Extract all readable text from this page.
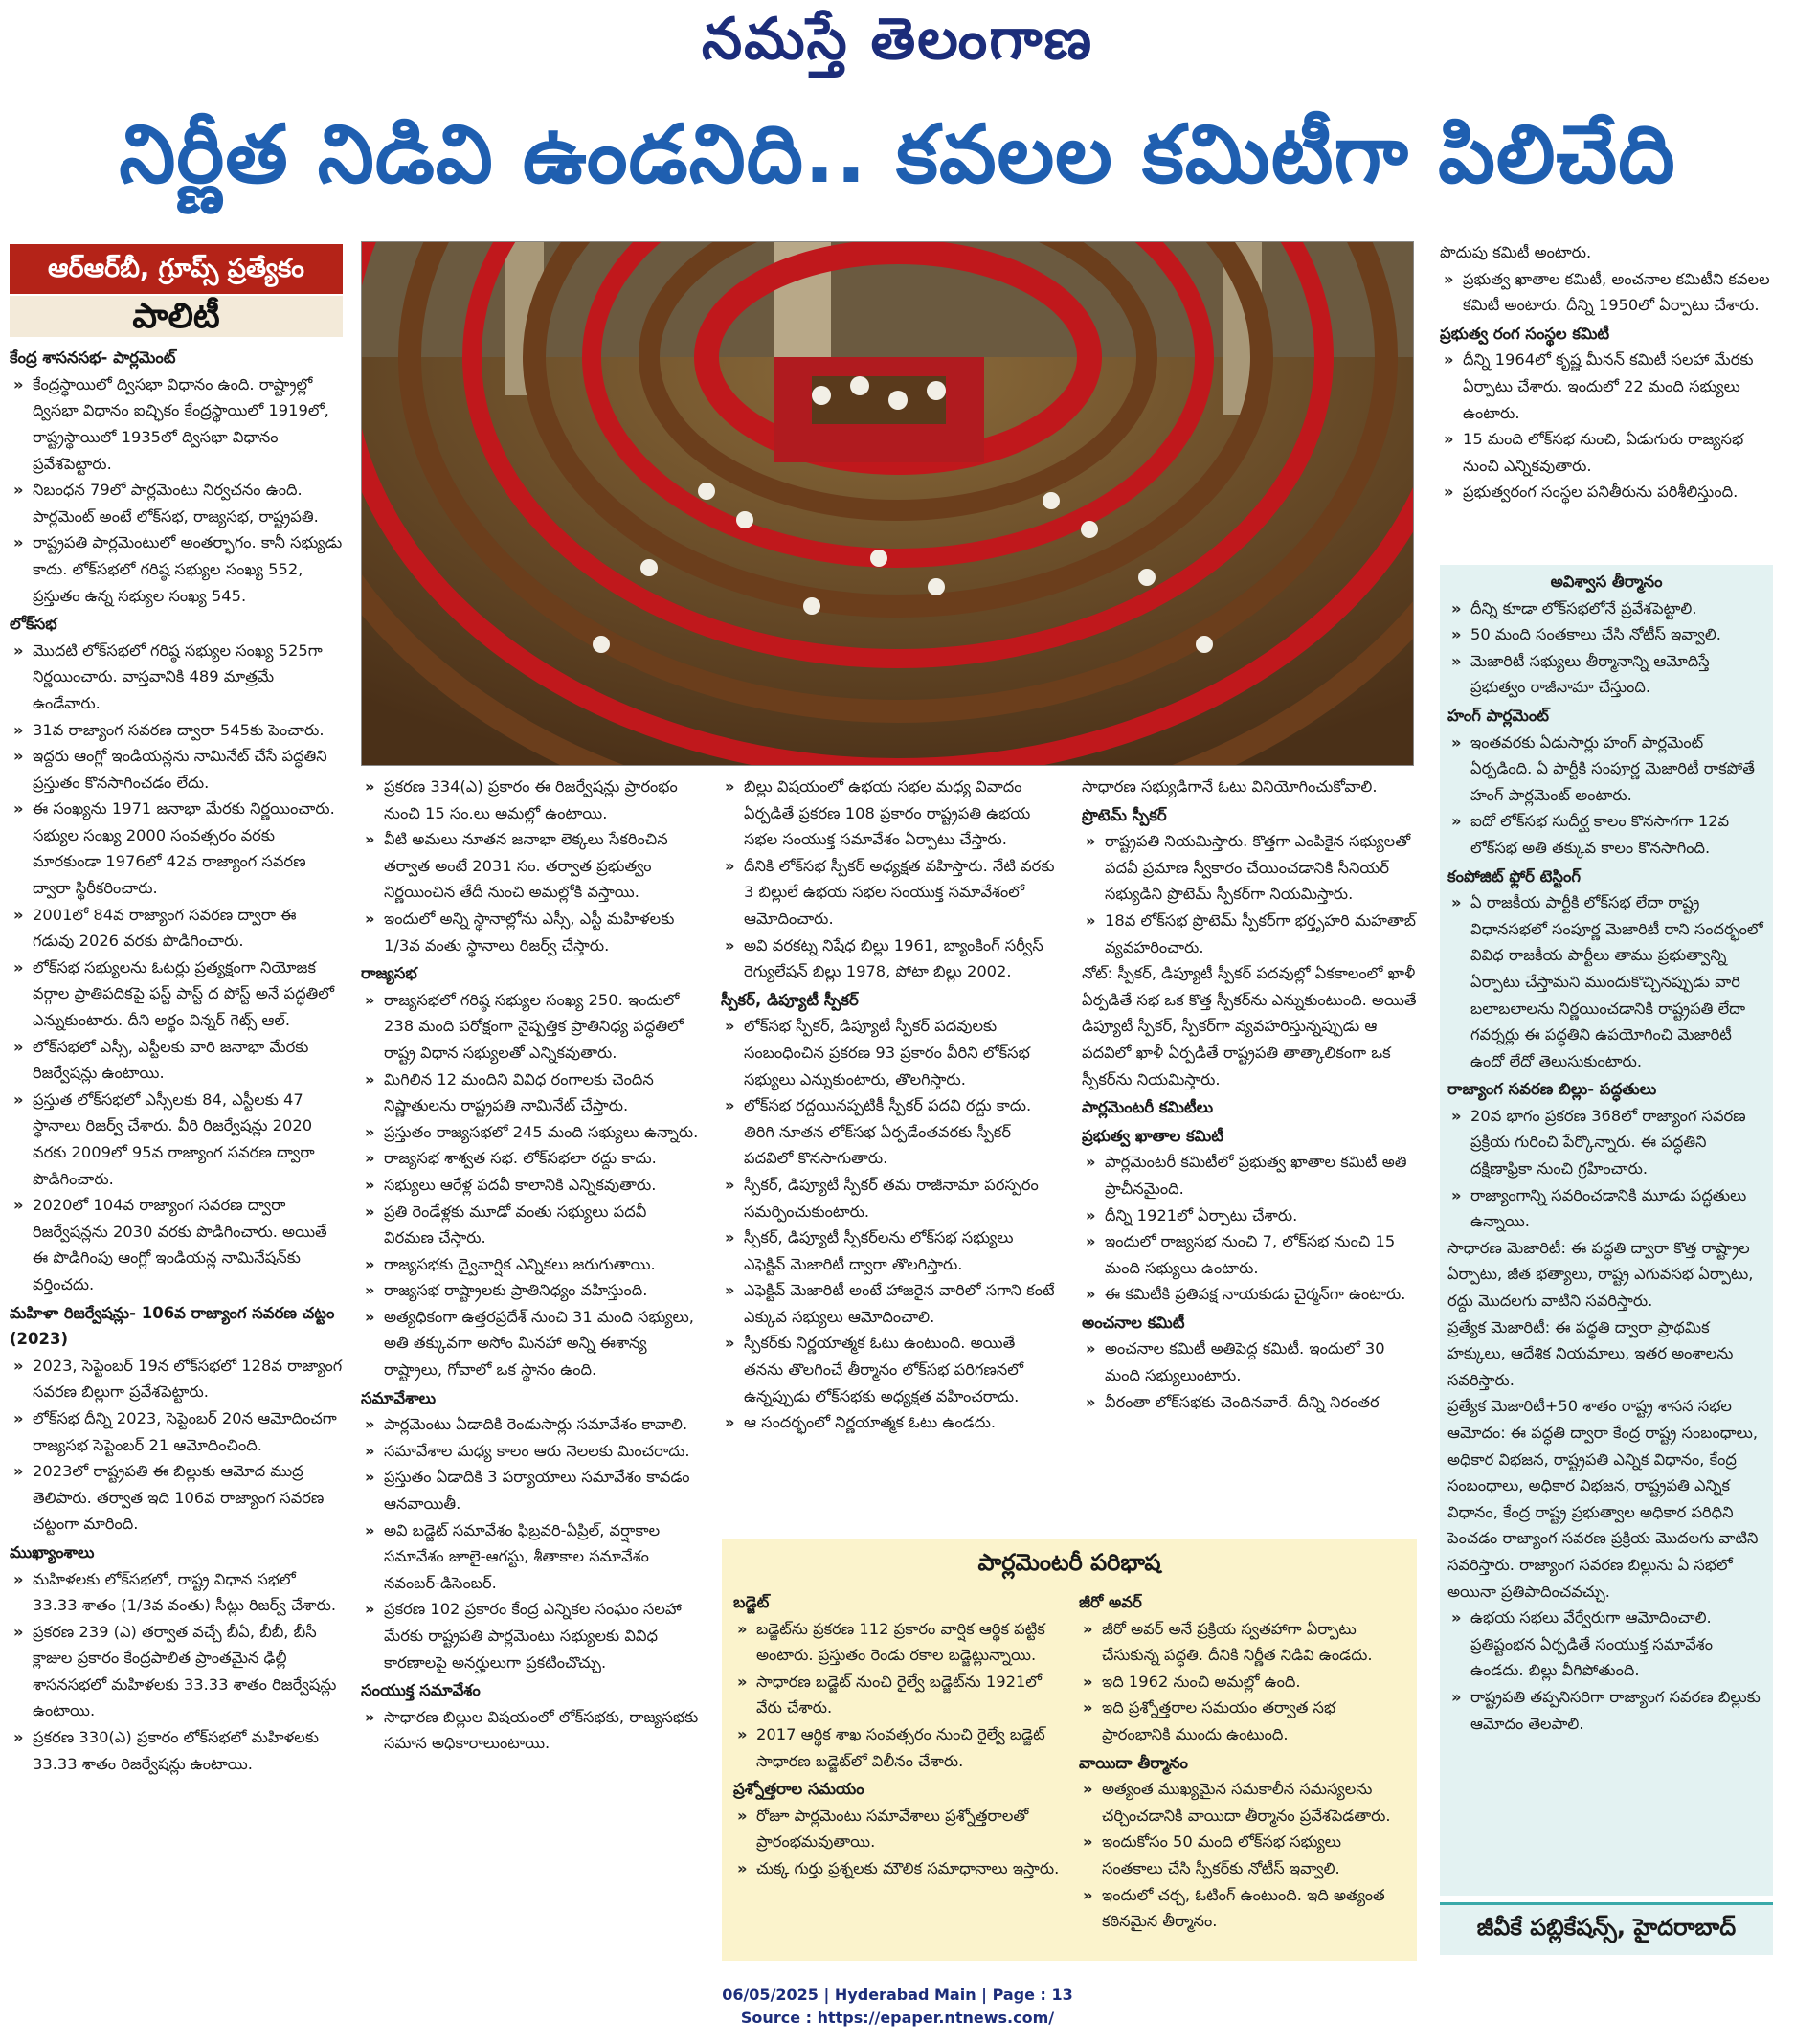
నమస్తే తెలంగాణ
నిర్ణీత నిడివి ఉండనిది.. కవలల కమిటీగా పిలిచేది
ఆర్‌ఆర్‌బీ, గ్రూప్స్ ప్రత్యేకం
పాలిటీ
కేంద్ర శాసనసభ- పార్లమెంట్
» కేంద్రస్థాయిలో ద్విసభా విధానం ఉంది. రాష్ట్రాల్లో ద్విసభా విధానం ఐచ్ఛికం కేంద్రస్థాయిలో 1919లో, రాష్ట్రస్థాయిలో 1935లో ద్విసభా విధానం ప్రవేశపెట్టారు.
» నిబంధన 79లో పార్లమెంటు నిర్వచనం ఉంది. పార్లమెంట్ అంటే లోక్‌సభ, రాజ్యసభ, రాష్ట్రపతి.
» రాష్ట్రపతి పార్లమెంటులో అంతర్భాగం. కానీ సభ్యుడు కాదు. లోక్‌సభలో గరిష్ఠ సభ్యుల సంఖ్య 552, ప్రస్తుతం ఉన్న సభ్యుల సంఖ్య 545.
లోక్‌సభ
» మొదటి లోక్‌సభలో గరిష్ఠ సభ్యుల సంఖ్య 525గా నిర్ణయించారు. వాస్తవానికి 489 మాత్రమే ఉండేవారు.
» 31వ రాజ్యాంగ సవరణ ద్వారా 545కు పెంచారు.
» ఇద్దరు ఆంగ్లో ఇండియన్లను నామినేట్ చేసే పద్ధతిని ప్రస్తుతం కొనసాగించడం లేదు.
» ఈ సంఖ్యను 1971 జనాభా మేరకు నిర్ణయించారు. సభ్యుల సంఖ్య 2000 సంవత్సరం వరకు మారకుండా 1976లో 42వ రాజ్యాంగ సవరణ ద్వారా స్థిరీకరించారు.
» 2001లో 84వ రాజ్యాంగ సవరణ ద్వారా ఈ గడువు 2026 వరకు పొడిగించారు.
» లోక్‌సభ సభ్యులను ఓటర్లు ప్రత్యక్షంగా నియోజక వర్గాల ప్రాతిపదికపై ఫస్ట్ పాస్ట్ ద పోస్ట్ అనే పద్ధతిలో ఎన్నుకుంటారు. దీని అర్థం విన్నర్ గెట్స్ ఆల్.
» లోక్‌సభలో ఎస్సీ, ఎస్టీలకు వారి జనాభా మేరకు రిజర్వేషన్లు ఉంటాయి.
» ప్రస్తుత లోక్‌సభలో ఎస్సీలకు 84, ఎస్టీలకు 47 స్థానాలు రిజర్వ్ చేశారు. వీరి రిజర్వేషన్లు 2020 వరకు 2009లో 95వ రాజ్యాంగ సవరణ ద్వారా పొడిగించారు.
» 2020లో 104వ రాజ్యాంగ సవరణ ద్వారా రిజర్వేషన్లను 2030 వరకు పొడిగించారు. అయితే ఈ పొడిగింపు ఆంగ్లో ఇండియన్ల నామినేషన్‌కు వర్తించదు.
మహిళా రిజర్వేషన్లు- 106వ రాజ్యాంగ సవరణ చట్టం (2023)
» 2023, సెప్టెంబర్ 19న లోక్‌సభలో 128వ రాజ్యాంగ సవరణ బిల్లుగా ప్రవేశపెట్టారు.
» లోక్‌సభ దీన్ని 2023, సెప్టెంబర్ 20న ఆమోదించగా రాజ్యసభ సెప్టెంబర్ 21 ఆమోదించింది.
» 2023లో రాష్ట్రపతి ఈ బిల్లుకు ఆమోద ముద్ర తెలిపారు. తర్వాత ఇది 106వ రాజ్యాంగ సవరణ చట్టంగా మారింది.
ముఖ్యాంశాలు
» మహిళలకు లోక్‌సభలో, రాష్ట్ర విధాన సభలో 33.33 శాతం (1/3వ వంతు) సీట్లు రిజర్వ్ చేశారు.
» ప్రకరణ 239 (ఎ) తర్వాత వచ్చే బీఏ, బీబీ, బీసీ క్లాజుల ప్రకారం కేంద్రపాలిత ప్రాంతమైన ఢిల్లీ శాసనసభలో మహిళలకు 33.33 శాతం రిజర్వేషన్లు ఉంటాయి.
» ప్రకరణ 330(ఎ) ప్రకారం లోక్‌సభలో మహిళలకు 33.33 శాతం రిజర్వేషన్లు ఉంటాయి.
» ప్రకరణ 334(ఎ) ప్రకారం ఈ రిజర్వేషన్లు ప్రారంభం నుంచి 15 సం.లు అమల్లో ఉంటాయి.
» వీటి అమలు నూతన జనాభా లెక్కలు సేకరించిన తర్వాత అంటే 2031 సం. తర్వాత ప్రభుత్వం నిర్ణయించిన తేదీ నుంచి అమల్లోకి వస్తాయి.
» ఇందులో అన్ని స్థానాల్లోను ఎస్సీ, ఎస్టీ మహిళలకు 1/3వ వంతు స్థానాలు రిజర్వ్ చేస్తారు.
రాజ్యసభ
» రాజ్యసభలో గరిష్ఠ సభ్యుల సంఖ్య 250. ఇందులో 238 మంది పరోక్షంగా నైష్పత్తిక ప్రాతినిధ్య పద్ధతిలో రాష్ట్ర విధాన సభ్యులతో ఎన్నికవుతారు.
» మిగిలిన 12 మందిని వివిధ రంగాలకు చెందిన నిష్ణాతులను రాష్ట్రపతి నామినేట్ చేస్తారు.
» ప్రస్తుతం రాజ్యసభలో 245 మంది సభ్యులు ఉన్నారు.
» రాజ్యసభ శాశ్వత సభ. లోక్‌సభలా రద్దు కాదు.
» సభ్యులు ఆరేళ్ల పదవీ కాలానికి ఎన్నికవుతారు.
» ప్రతి రెండేళ్లకు మూడో వంతు సభ్యులు పదవీ విరమణ చేస్తారు.
» రాజ్యసభకు ద్వైవార్షిక ఎన్నికలు జరుగుతాయి.
» రాజ్యసభ రాష్ట్రాలకు ప్రాతినిధ్యం వహిస్తుంది.
» అత్యధికంగా ఉత్తరప్రదేశ్ నుంచి 31 మంది సభ్యులు, అతి తక్కువగా అసోం మినహా అన్ని ఈశాన్య రాష్ట్రాలు, గోవాలో ఒక స్థానం ఉంది.
సమావేశాలు
» పార్లమెంటు ఏడాదికి రెండుసార్లు సమావేశం కావాలి.
» సమావేశాల మధ్య కాలం ఆరు నెలలకు మించరాదు.
» ప్రస్తుతం ఏడాదికి 3 పర్యాయాలు సమావేశం కావడం ఆనవాయితీ.
» అవి బడ్జెట్ సమావేశం ఫిబ్రవరి-ఏప్రిల్, వర్షాకాల సమావేశం జూలై-ఆగస్టు, శీతాకాల సమావేశం నవంబర్-డిసెంబర్.
» ప్రకరణ 102 ప్రకారం కేంద్ర ఎన్నికల సంఘం సలహా మేరకు రాష్ట్రపతి పార్లమెంటు సభ్యులకు వివిధ కారణాలపై అనర్హులుగా ప్రకటించొచ్చు.
సంయుక్త సమావేశం
» సాధారణ బిల్లుల విషయంలో లోక్‌సభకు, రాజ్యసభకు సమాన అధికారాలుంటాయి.
» బిల్లు విషయంలో ఉభయ సభల మధ్య వివాదం ఏర్పడితే ప్రకరణ 108 ప్రకారం రాష్ట్రపతి ఉభయ సభల సంయుక్త సమావేశం ఏర్పాటు చేస్తారు.
» దీనికి లోక్‌సభ స్పీకర్ అధ్యక్షత వహిస్తారు. నేటి వరకు 3 బిల్లులే ఉభయ సభల సంయుక్త సమావేశంలో ఆమోదించారు.
» అవి వరకట్న నిషేధ బిల్లు 1961, బ్యాంకింగ్ సర్వీస్ రెగ్యులేషన్ బిల్లు 1978, పోటా బిల్లు 2002.
స్పీకర్, డిప్యూటీ స్పీకర్
» లోక్‌సభ స్పీకర్, డిప్యూటీ స్పీకర్ పదవులకు సంబంధించిన ప్రకరణ 93 ప్రకారం వీరిని లోక్‌సభ సభ్యులు ఎన్నుకుంటారు, తొలగిస్తారు.
» లోక్‌సభ రద్దయినప్పటికీ స్పీకర్ పదవి రద్దు కాదు. తిరిగి నూతన లోక్‌సభ ఏర్పడేంతవరకు స్పీకర్ పదవిలో కొనసాగుతారు.
» స్పీకర్, డిప్యూటీ స్పీకర్ తమ రాజీనామా పరస్పరం సమర్పించుకుంటారు.
» స్పీకర్, డిప్యూటీ స్పీకర్‌లను లోక్‌సభ సభ్యులు ఎఫెక్టివ్ మెజారిటీ ద్వారా తొలగిస్తారు.
» ఎఫెక్టివ్ మెజారిటీ అంటే హాజరైన వారిలో సగాని కంటే ఎక్కువ సభ్యులు ఆమోదించాలి.
» స్పీకర్‌కు నిర్ణయాత్మక ఓటు ఉంటుంది. అయితే తనను తొలగించే తీర్మానం లోక్‌సభ పరిగణనలో ఉన్నప్పుడు లోక్‌సభకు అధ్యక్షత వహించరాదు.
» ఆ సందర్భంలో నిర్ణయాత్మక ఓటు ఉండదు.
సాధారణ సభ్యుడిగానే ఓటు వినియోగించుకోవాలి.
ప్రొటెమ్ స్పీకర్
» రాష్ట్రపతి నియమిస్తారు. కొత్తగా ఎంపికైన సభ్యులతో పదవీ ప్రమాణ స్వీకారం చేయించడానికి సీనియర్ సభ్యుడిని ప్రొటెమ్ స్పీకర్‌గా నియమిస్తారు.
» 18వ లోక్‌సభ ప్రొటెమ్ స్పీకర్‌గా భర్తృహరి మహతాబ్ వ్యవహరించారు.
నోట్: స్పీకర్, డిప్యూటీ స్పీకర్ పదవుల్లో ఏకకాలంలో ఖాళీ ఏర్పడితే సభ ఒక కొత్త స్పీకర్‌ను ఎన్నుకుంటుంది. అయితే డిప్యూటీ స్పీకర్, స్పీకర్‌గా వ్యవహరిస్తున్నప్పుడు ఆ పదవిలో ఖాళీ ఏర్పడితే రాష్ట్రపతి తాత్కాలికంగా ఒక స్పీకర్‌ను నియమిస్తారు.
పార్లమెంటరీ కమిటీలు
ప్రభుత్వ ఖాతాల కమిటీ
» పార్లమెంటరీ కమిటీలో ప్రభుత్వ ఖాతాల కమిటీ అతి ప్రాచీనమైంది.
» దీన్ని 1921లో ఏర్పాటు చేశారు.
» ఇందులో రాజ్యసభ నుంచి 7, లోక్‌సభ నుంచి 15 మంది సభ్యులు ఉంటారు.
» ఈ కమిటీకి ప్రతిపక్ష నాయకుడు చైర్మన్‌గా ఉంటారు.
అంచనాల కమిటీ
» అంచనాల కమిటీ అతిపెద్ద కమిటీ. ఇందులో 30 మంది సభ్యులుంటారు.
» వీరంతా లోక్‌సభకు చెందినవారే. దీన్ని నిరంతర
పొదుపు కమిటీ అంటారు.
» ప్రభుత్వ ఖాతాల కమిటీ, అంచనాల కమిటీని కవలల కమిటీ అంటారు. దీన్ని 1950లో ఏర్పాటు చేశారు.
ప్రభుత్వ రంగ సంస్థల కమిటీ
» దీన్ని 1964లో కృష్ణ మీనన్ కమిటీ సలహా మేరకు ఏర్పాటు చేశారు. ఇందులో 22 మంది సభ్యులు ఉంటారు.
» 15 మంది లోక్‌సభ నుంచి, ఏడుగురు రాజ్యసభ నుంచి ఎన్నికవుతారు.
» ప్రభుత్వరంగ సంస్థల పనితీరును పరిశీలిస్తుంది.
అవిశ్వాస తీర్మానం
» దీన్ని కూడా లోక్‌సభలోనే ప్రవేశపెట్టాలి.
» 50 మంది సంతకాలు చేసి నోటీస్ ఇవ్వాలి.
» మెజారిటీ సభ్యులు తీర్మానాన్ని ఆమోదిస్తే ప్రభుత్వం రాజీనామా చేస్తుంది.
హంగ్ పార్లమెంట్
» ఇంతవరకు ఏడుసార్లు హంగ్ పార్లమెంట్ ఏర్పడింది. ఏ పార్టీకి సంపూర్ణ మెజారిటీ రాకపోతే హంగ్ పార్లమెంట్ అంటారు.
» ఐదో లోక్‌సభ సుదీర్ఘ కాలం కొనసాగగా 12వ లోక్‌సభ అతి తక్కువ కాలం కొనసాగింది.
కంపోజిట్ ఫ్లోర్ టెస్టింగ్
» ఏ రాజకీయ పార్టీకి లోక్‌సభ లేదా రాష్ట్ర విధానసభలో సంపూర్ణ మెజారిటీ రాని సందర్భంలో వివిధ రాజకీయ పార్టీలు తాము ప్రభుత్వాన్ని ఏర్పాటు చేస్తామని ముందుకొచ్చినప్పుడు వారి బలాబలాలను నిర్ణయించడానికి రాష్ట్రపతి లేదా గవర్నర్లు ఈ పద్ధతిని ఉపయోగించి మెజారిటీ ఉందో లేదో తెలుసుకుంటారు.
రాజ్యాంగ సవరణ బిల్లు- పద్ధతులు
» 20వ భాగం ప్రకరణ 368లో రాజ్యాంగ సవరణ ప్రక్రియ గురించి పేర్కొన్నారు. ఈ పద్ధతిని దక్షిణాఫ్రికా నుంచి గ్రహించారు.
» రాజ్యాంగాన్ని సవరించడానికి మూడు పద్ధతులు ఉన్నాయి.
సాధారణ మెజారిటీ: ఈ పద్ధతి ద్వారా కొత్త రాష్ట్రాల ఏర్పాటు, జీత భత్యాలు, రాష్ట్ర ఎగువసభ ఏర్పాటు, రద్దు మొదలగు వాటిని సవరిస్తారు.
ప్రత్యేక మెజారిటీ: ఈ పద్ధతి ద్వారా ప్రాథమిక హక్కులు, ఆదేశిక నియమాలు, ఇతర అంశాలను సవరిస్తారు.
ప్రత్యేక మెజారిటీ+50 శాతం రాష్ట్ర శాసన సభల ఆమోదం: ఈ పద్ధతి ద్వారా కేంద్ర రాష్ట్ర సంబంధాలు, అధికార విభజన, రాష్ట్రపతి ఎన్నిక విధానం, కేంద్ర సంబంధాలు, అధికార విభజన, రాష్ట్రపతి ఎన్నిక విధానం, కేంద్ర రాష్ట్ర ప్రభుత్వాల అధికార పరిధిని పెంచడం రాజ్యాంగ సవరణ ప్రక్రియ మొదలగు వాటిని సవరిస్తారు. రాజ్యాంగ సవరణ బిల్లును ఏ సభలో అయినా ప్రతిపాదించవచ్చు.
» ఉభయ సభలు వేర్వేరుగా ఆమోదించాలి. ప్రతిష్టంభన ఏర్పడితే సంయుక్త సమావేశం ఉండదు. బిల్లు వీగిపోతుంది.
» రాష్ట్రపతి తప్పనిసరిగా రాజ్యాంగ సవరణ బిల్లుకు ఆమోదం తెలపాలి.
పార్లమెంటరీ పరిభాష
బడ్జెట్
» బడ్జెట్‌ను ప్రకరణ 112 ప్రకారం వార్షిక ఆర్థిక పట్టిక అంటారు. ప్రస్తుతం రెండు రకాల బడ్జెట్లున్నాయి.
» సాధారణ బడ్జెట్ నుంచి రైల్వే బడ్జెట్‌ను 1921లో వేరు చేశారు.
» 2017 ఆర్థిక శాఖ సంవత్సరం నుంచి రైల్వే బడ్జెట్ సాధారణ బడ్జెట్‌లో విలీనం చేశారు.
ప్రశ్నోత్తరాల సమయం
» రోజూ పార్లమెంటు సమావేశాలు ప్రశ్నోత్తరాలతో ప్రారంభమవుతాయి.
» చుక్క గుర్తు ప్రశ్నలకు మౌలిక సమాధానాలు ఇస్తారు.
జీరో అవర్
» జీరో అవర్ అనే ప్రక్రియ స్వతహాగా ఏర్పాటు చేసుకున్న పద్ధతి. దీనికి నిర్ణీత నిడివి ఉండదు.
» ఇది 1962 నుంచి అమల్లో ఉంది.
» ఇది ప్రశ్నోత్తరాల సమయం తర్వాత సభ ప్రారంభానికి ముందు ఉంటుంది.
వాయిదా తీర్మానం
» అత్యంత ముఖ్యమైన సమకాలీన సమస్యలను చర్చించడానికి వాయిదా తీర్మానం ప్రవేశపెడతారు.
» ఇందుకోసం 50 మంది లోక్‌సభ సభ్యులు సంతకాలు చేసి స్పీకర్‌కు నోటీస్ ఇవ్వాలి.
» ఇందులో చర్చ, ఓటింగ్ ఉంటుంది. ఇది అత్యంత కఠినమైన తీర్మానం.	జీవీకే పబ్లికేషన్స్, హైదరాబాద్
06/05/2025 | Hyderabad Main | Page : 13
Source : https://epaper.ntnews.com/
